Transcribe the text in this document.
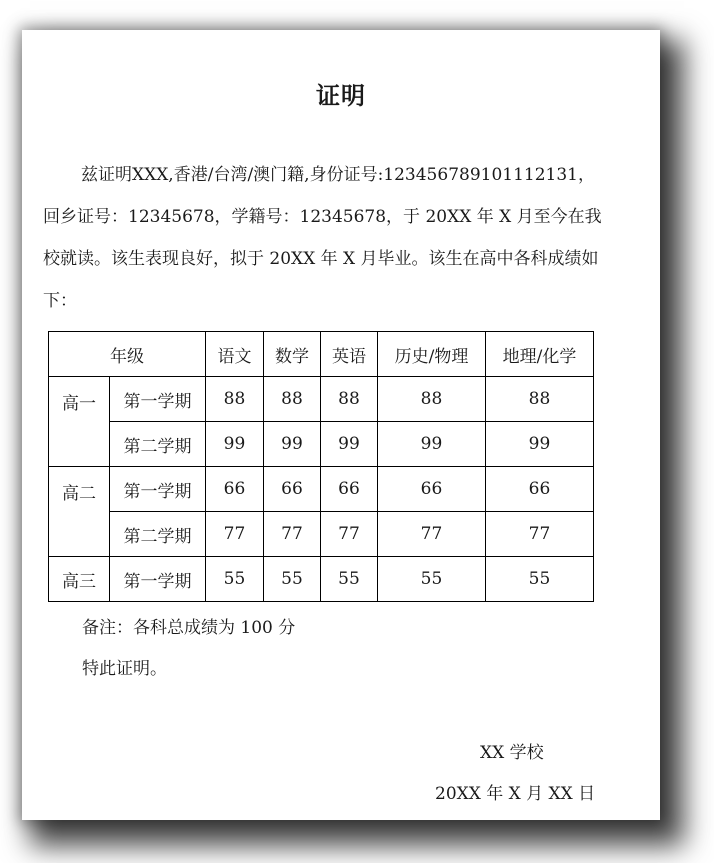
证明

兹证明XXX,香港/台湾/澳门籍,身份证号:123456789101112131，回乡证号：12345678，学籍号：12345678，于 20XX 年 X 月至今在我校就读。该生表现良好，拟于 20XX 年 X 月毕业。该生在高中各科成绩如下：

年级		语文	数学	英语	历史/物理	地理/化学
高一	第一学期	88	88	88	88	88
	第二学期	99	99	99	99	99
高二	第一学期	66	66	66	66	66
	第二学期	77	77	77	77	77
高三	第一学期	55	55	55	55	55
备注：各科总成绩为 100 分
特此证明。
XX 学校
20XX 年 X 月 XX 日
